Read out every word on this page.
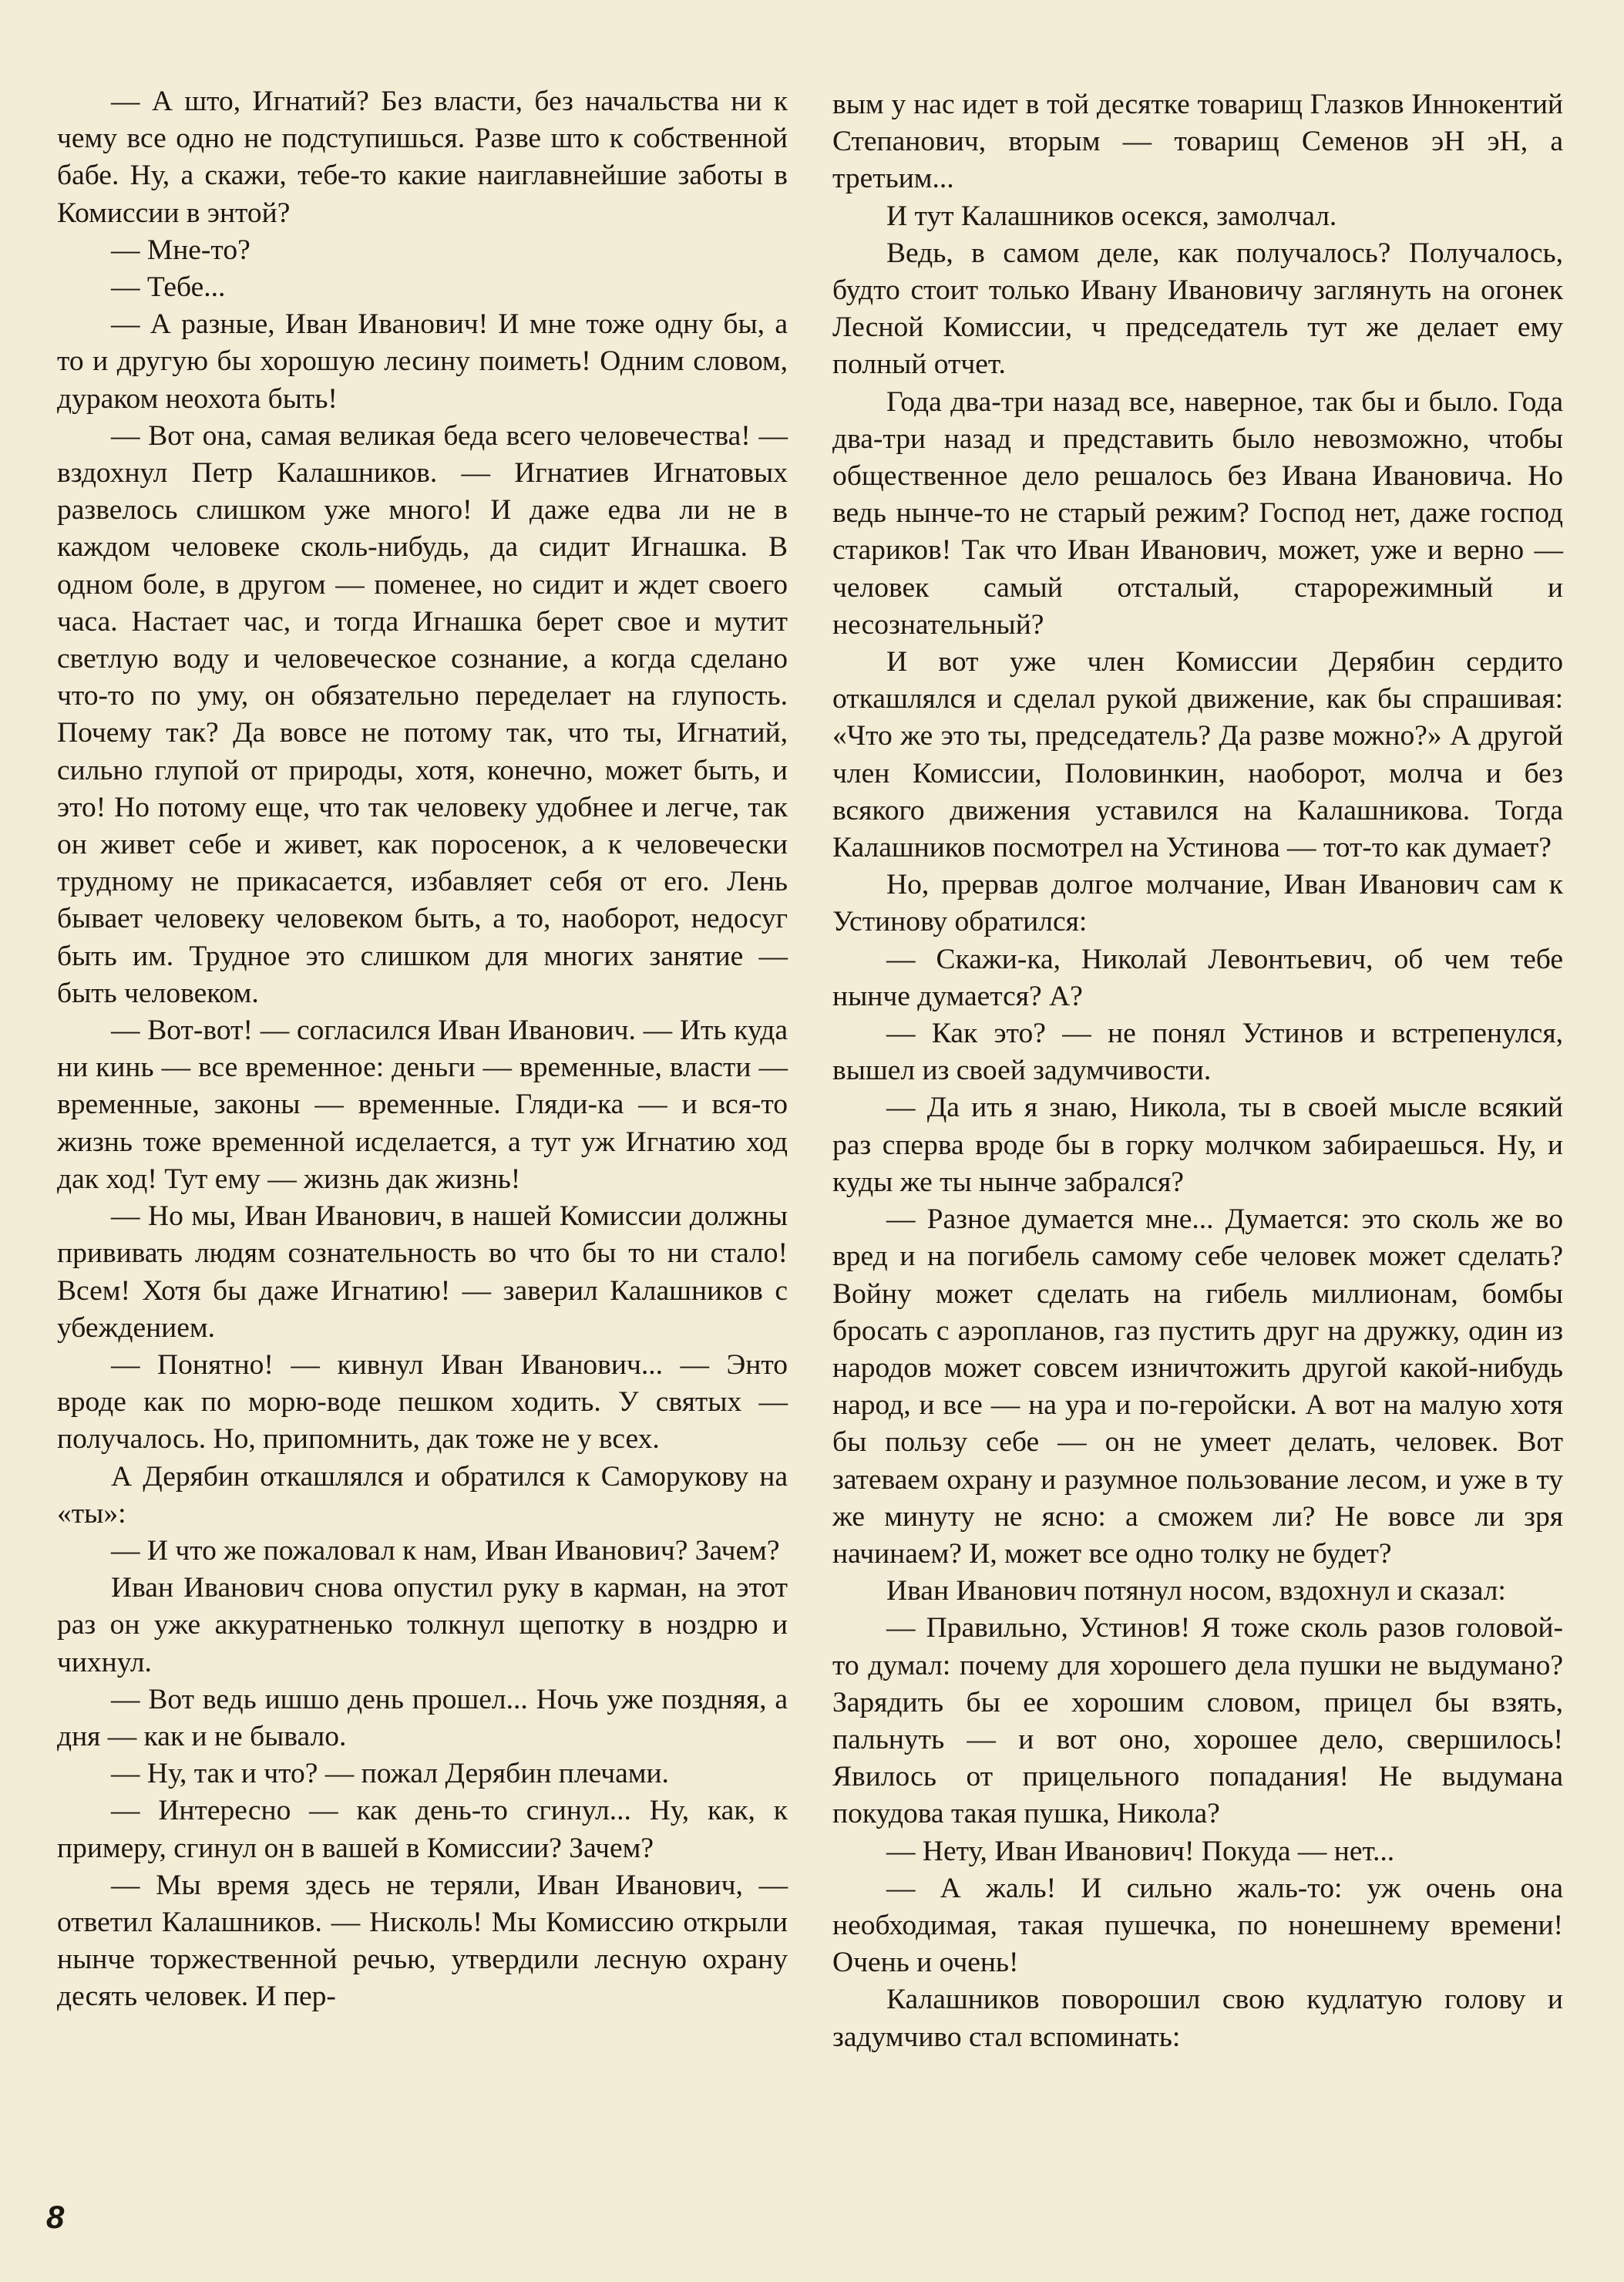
— А што, Игнатий? Без власти, без начальства ни к чему все одно не подступишься. Разве што к собственной бабе. Ну, а скажи, тебе-то какие наиглавнейшие заботы в Комиссии в энтой?

— Мне-то?

— Тебе...

— А разные, Иван Иванович! И мне тоже одну бы, а то и другую бы хорошую лесину поиметь! Одним словом, дураком неохота быть!

— Вот она, самая великая беда всего человечества! — вздохнул Петр Калашников. — Игнатиев Игнатовых развелось слишком уже много! И даже едва ли не в каждом человеке сколь-нибудь, да сидит Игнашка. В одном боле, в другом — поменее, но сидит и ждет своего часа. Настает час, и тогда Игнашка берет свое и мутит светлую воду и человеческое сознание, а когда сделано что-то по уму, он обязательно переделает на глупость. Почему так? Да вовсе не потому так, что ты, Игнатий, сильно глупой от природы, хотя, конечно, может быть, и это! Но потому еще, что так человеку удобнее и легче, так он живет себе и живет, как поросенок, а к человечески трудному не прикасается, избавляет себя от его. Лень бывает человеку человеком быть, а то, наоборот, недосуг быть им. Трудное это слишком для многих занятие — быть человеком.

— Вот-вот! — согласился Иван Иванович. — Ить куда ни кинь — все временное: деньги — временные, власти — временные, законы — временные. Гляди-ка — и вся-то жизнь тоже временной исделается, а тут уж Игнатию ход дак ход! Тут ему — жизнь дак жизнь!

— Но мы, Иван Иванович, в нашей Комиссии должны прививать людям сознательность во что бы то ни стало! Всем! Хотя бы даже Игнатию! — заверил Калашников с убеждением.

— Понятно! — кивнул Иван Иванович... — Энто вроде как по морю-воде пешком ходить. У святых — получалось. Но, припомнить, дак тоже не у всех.

А Дерябин откашлялся и обратился к Саморукову на «ты»:

— И что же пожаловал к нам, Иван Иванович? Зачем?

Иван Иванович снова опустил руку в карман, на этот раз он уже аккуратненько толкнул щепотку в ноздрю и чихнул.

— Вот ведь ишшо день прошел... Ночь уже поздняя, а дня — как и не бывало.

— Ну, так и что? — пожал Дерябин плечами.

— Интересно — как день-то сгинул... Ну, как, к примеру, сгинул он в вашей в Комиссии? Зачем?

— Мы время здесь не теряли, Иван Иванович, — ответил Калашников. — Нисколь! Мы Комиссию открыли нынче торжественной речью, утвердили лесную охрану десять человек. И пер-

вым у нас идет в той десятке товарищ Глазков Иннокентий Степанович, вторым — товарищ Семенов эН эН, а третьим...

И тут Калашников осекся, замолчал.

Ведь, в самом деле, как получалось? Получалось, будто стоит только Ивану Ивановичу заглянуть на огонек Лесной Комиссии, ч председатель тут же делает ему полный отчет.

Года два-три назад все, наверное, так бы и было. Года два-три назад и представить было невозможно, чтобы общественное дело решалось без Ивана Ивановича. Но ведь нынче-то не старый режим? Господ нет, даже господ стариков! Так что Иван Иванович, может, уже и верно — человек самый отсталый, старорежимный и несознательный?

И вот уже член Комиссии Дерябин сердито откашлялся и сделал рукой движение, как бы спрашивая: «Что же это ты, председатель? Да разве можно?» А другой член Комиссии, Половинкин, наоборот, молча и без всякого движения уставился на Калашникова. Тогда Калашников посмотрел на Устинова — тот-то как думает?

Но, прервав долгое молчание, Иван Иванович сам к Устинову обратился:

— Скажи-ка, Николай Левонтьевич, об чем тебе нынче думается? А?

— Как это? — не понял Устинов и встрепенулся, вышел из своей задумчивости.

— Да ить я знаю, Никола, ты в своей мысле всякий раз сперва вроде бы в горку молчком забираешься. Ну, и куды же ты нынче забрался?

— Разное думается мне... Думается: это сколь же во вред и на погибель самому себе человек может сделать? Войну может сделать на гибель миллионам, бомбы бросать с аэропланов, газ пустить друг на дружку, один из народов может совсем изничтожить другой какой-нибудь народ, и все — на ура и по-геройски. А вот на малую хотя бы пользу себе — он не умеет делать, человек. Вот затеваем охрану и разумное пользование лесом, и уже в ту же минуту не ясно: а сможем ли? Не вовсе ли зря начинаем? И, может все одно толку не будет?

Иван Иванович потянул носом, вздохнул и сказал:

— Правильно, Устинов! Я тоже сколь разов головой-то думал: почему для хорошего дела пушки не выдумано? Зарядить бы ее хорошим словом, прицел бы взять, пальнуть — и вот оно, хорошее дело, свершилось! Явилось от прицельного попадания! Не выдумана покудова такая пушка, Никола?

— Нету, Иван Иванович! Покуда — нет...

— А жаль! И сильно жаль-то: уж очень она необходимая, такая пушечка, по нонешнему времени! Очень и очень!

Калашников поворошил свою кудлатую голову и задумчиво стал вспоминать:

8
